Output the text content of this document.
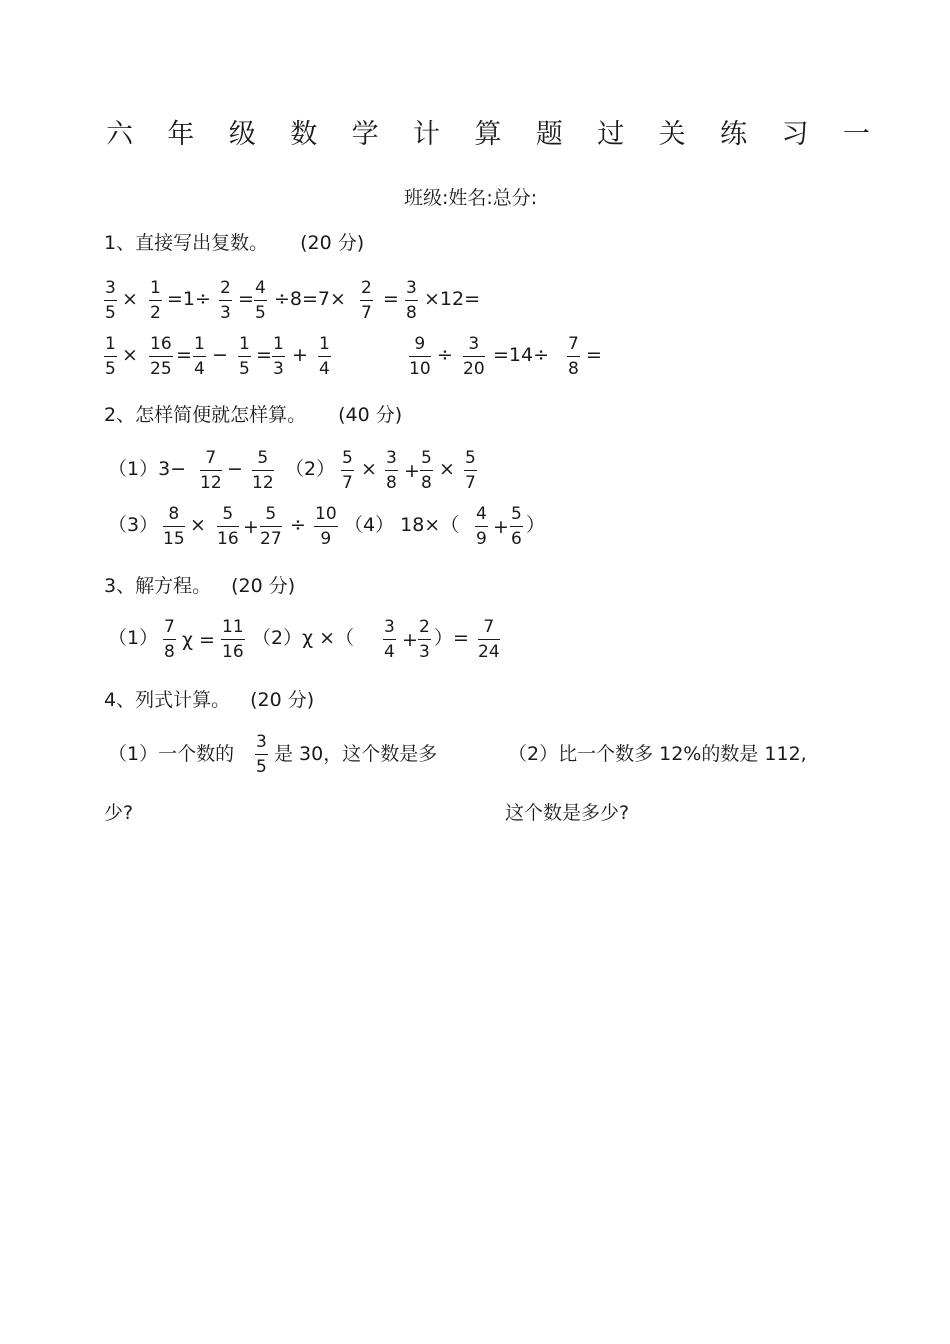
六 年 级 数 学 计 算 题 过 关 练 习 一
班级:姓名:总分:
1、直接写出复数。 (20 分)
3
5
× 1
2
=1÷ 2
3
= 4
5
÷8=7× 2
7
= 3
8
×12=
1
5
× 16
25
= 1
4
− 1
5
= 1
3
+ 1
4
9
10
÷ 3
20
=14÷ 7
8
=
2、怎样简便就怎样算。 (40 分)
（1）3− 7
12
− 5
12
（2） 5
7
× 3
8
+
5
8
× 5
7
（3） 8
15
× 5
16
+
5
27
÷ 10
9
（4） 18×（ 4
9
+
5
6
）
3、解方程。 (20 分)
（1） 7
8
χ =
11
16
（2）χ ×（ 3
4
+
2
3
）= 7
24
4、列式计算。 (20 分)
（1）一个数的
3
5
是 30，这个数是多
少?
（2）比一个数多 12%的数是 112,
这个数是多少?
